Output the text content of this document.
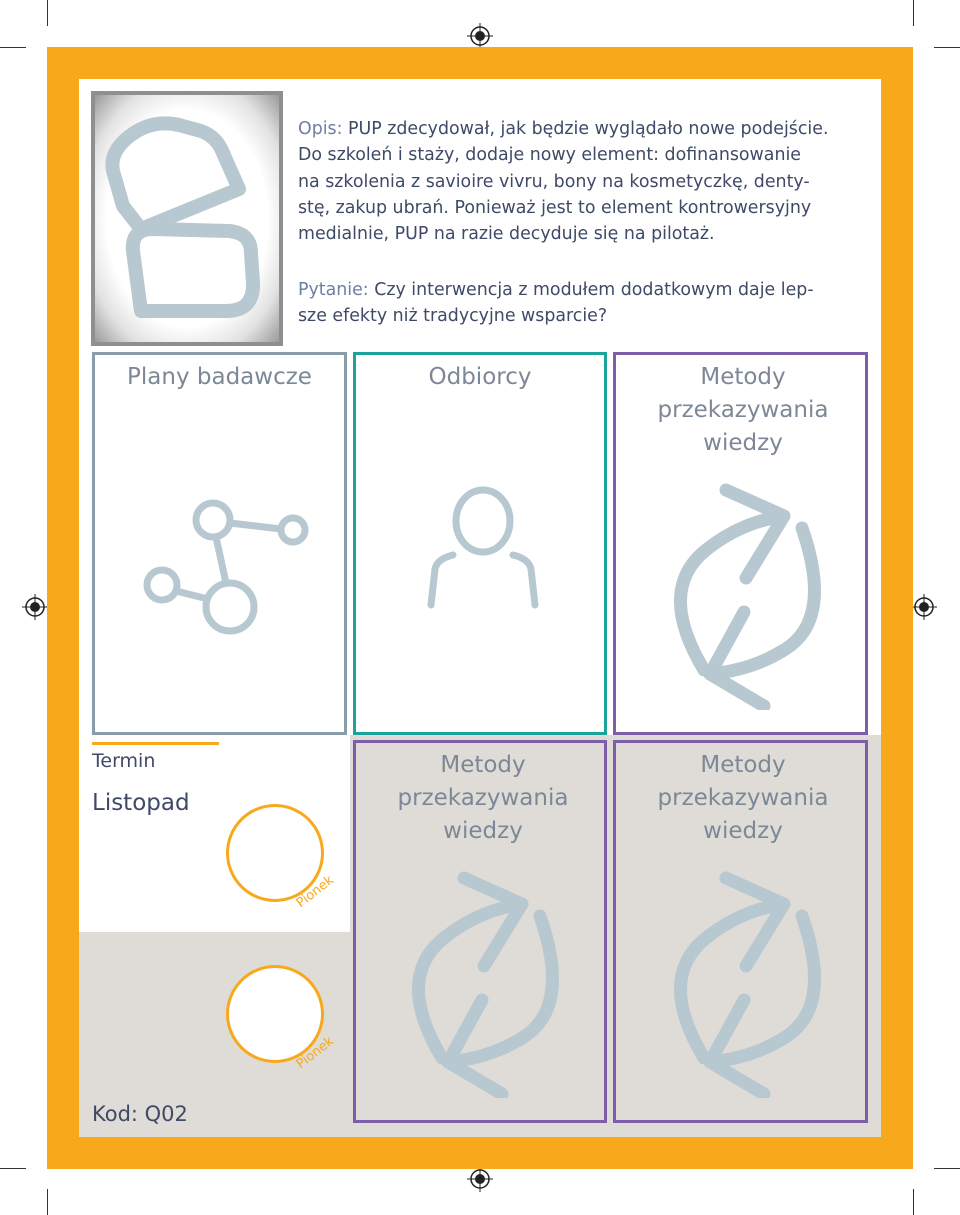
Opis: PUP zdecydował, jak będzie wyglądało nowe podejście.
Do szkoleń i staży, dodaje nowy element: dofinansowanie
na szkolenia z savioire vivru, bony na kosmetyczkę, denty-
stę, zakup ubrań. Ponieważ jest to element kontrowersyjny
medialnie, PUP na razie decyduje się na pilotaż.
Pytanie: Czy interwencja z modułem dodatkowym daje lep-
sze efekty niż tradycyjne wsparcie?
Plany badawcze	Odbiorcy	Metody przekazywania wiedzy
Termin
Listopad
Pionek
Pionek
Metody przekazywania wiedzy
Metody przekazywania wiedzy
Kod: Q02
